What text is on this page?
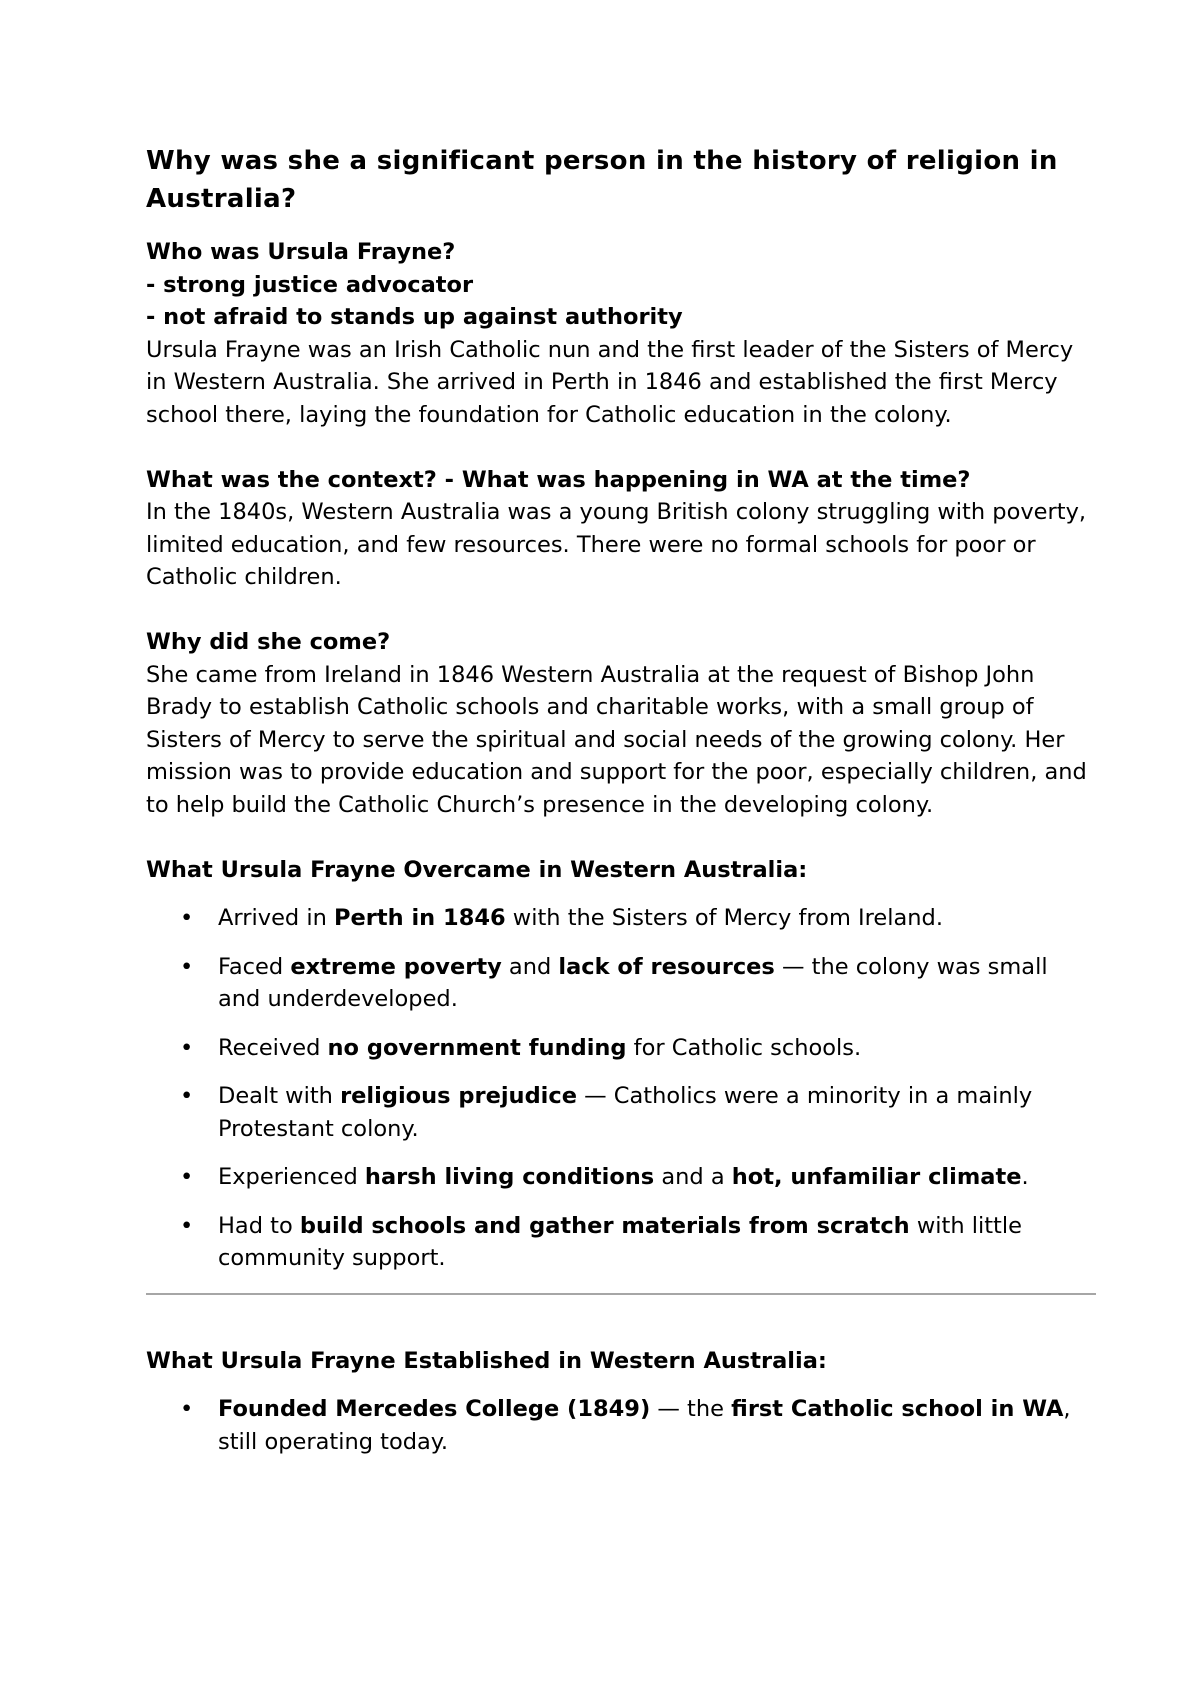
Why was she a significant person in the history of religion in Australia?

Who was Ursula Frayne?

- strong justice advocator

- not afraid to stands up against authority

Ursula Frayne was an Irish Catholic nun and the first leader of the Sisters of Mercy in Western Australia. She arrived in Perth in 1846 and established the first Mercy school there, laying the foundation for Catholic education in the colony.

What was the context? - What was happening in WA at the time?

In the 1840s, Western Australia was a young British colony struggling with poverty, limited education, and few resources. There were no formal schools for poor or Catholic children.

Why did she come?

She came from Ireland in 1846 Western Australia at the request of Bishop John Brady to establish Catholic schools and charitable works, with a small group of Sisters of Mercy to serve the spiritual and social needs of the growing colony. Her mission was to provide education and support for the poor, especially children, and to help build the Catholic Church’s presence in the developing colony.

What Ursula Frayne Overcame in Western Australia:

• Arrived in Perth in 1846 with the Sisters of Mercy from Ireland.
• Faced extreme poverty and lack of resources — the colony was small and underdeveloped.
• Received no government funding for Catholic schools.
• Dealt with religious prejudice — Catholics were a minority in a mainly Protestant colony.
• Experienced harsh living conditions and a hot, unfamiliar climate.
• Had to build schools and gather materials from scratch with little community support.

What Ursula Frayne Established in Western Australia:

• Founded Mercedes College (1849) — the first Catholic school in WA, still operating today.
